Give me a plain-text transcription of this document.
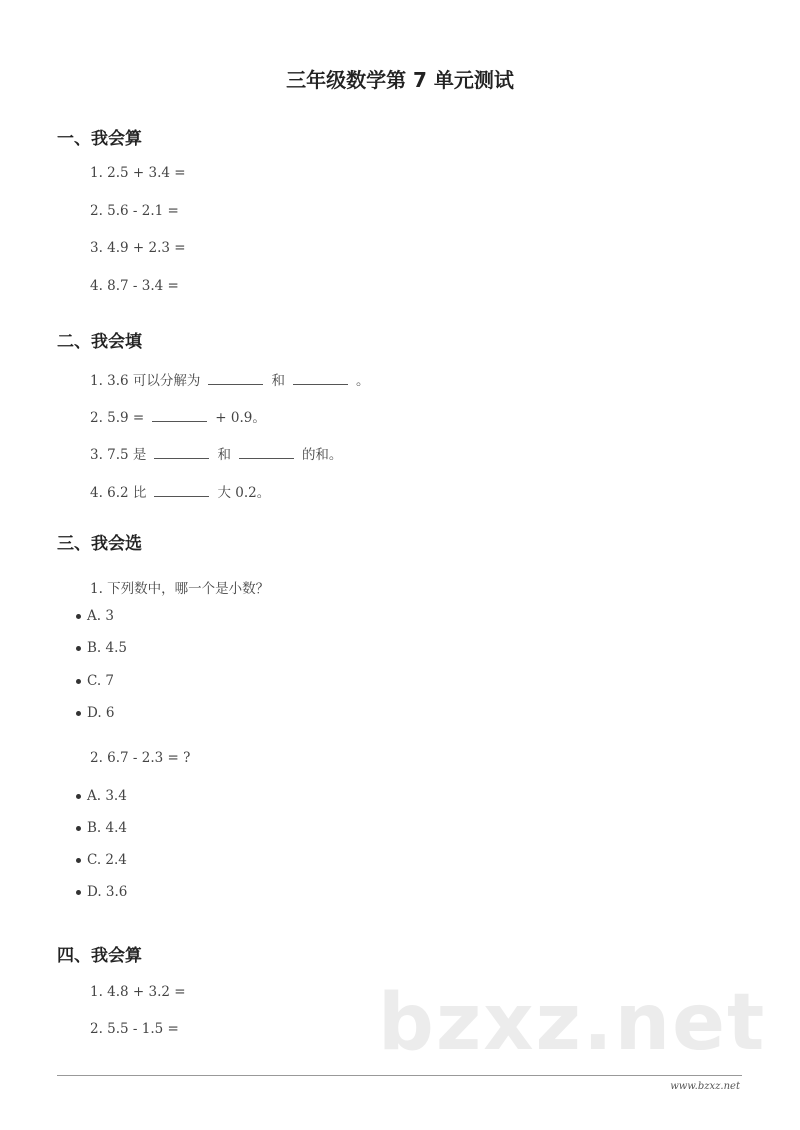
三年级数学第 7 单元测试
一、我会算
1. 2.5 + 3.4 =
2. 5.6 - 2.1 =
3. 4.9 + 2.3 =
4. 8.7 - 3.4 =
二、我会填
1. 3.6 可以分解为	和	。
2. 5.9 =	+ 0.9。
3. 7.5 是	和	的和。
4. 6.2 比	大 0.2。
三、我会选
1. 下列数中，哪一个是小数？
A. 3
B. 4.5
C. 7
D. 6
2. 6.7 - 2.3 = ?
A. 3.4
B. 4.4
C. 2.4
D. 3.6
bzxz.net
四、我会算
1. 4.8 + 3.2 =
2. 5.5 - 1.5 =
www.bzxz.net
